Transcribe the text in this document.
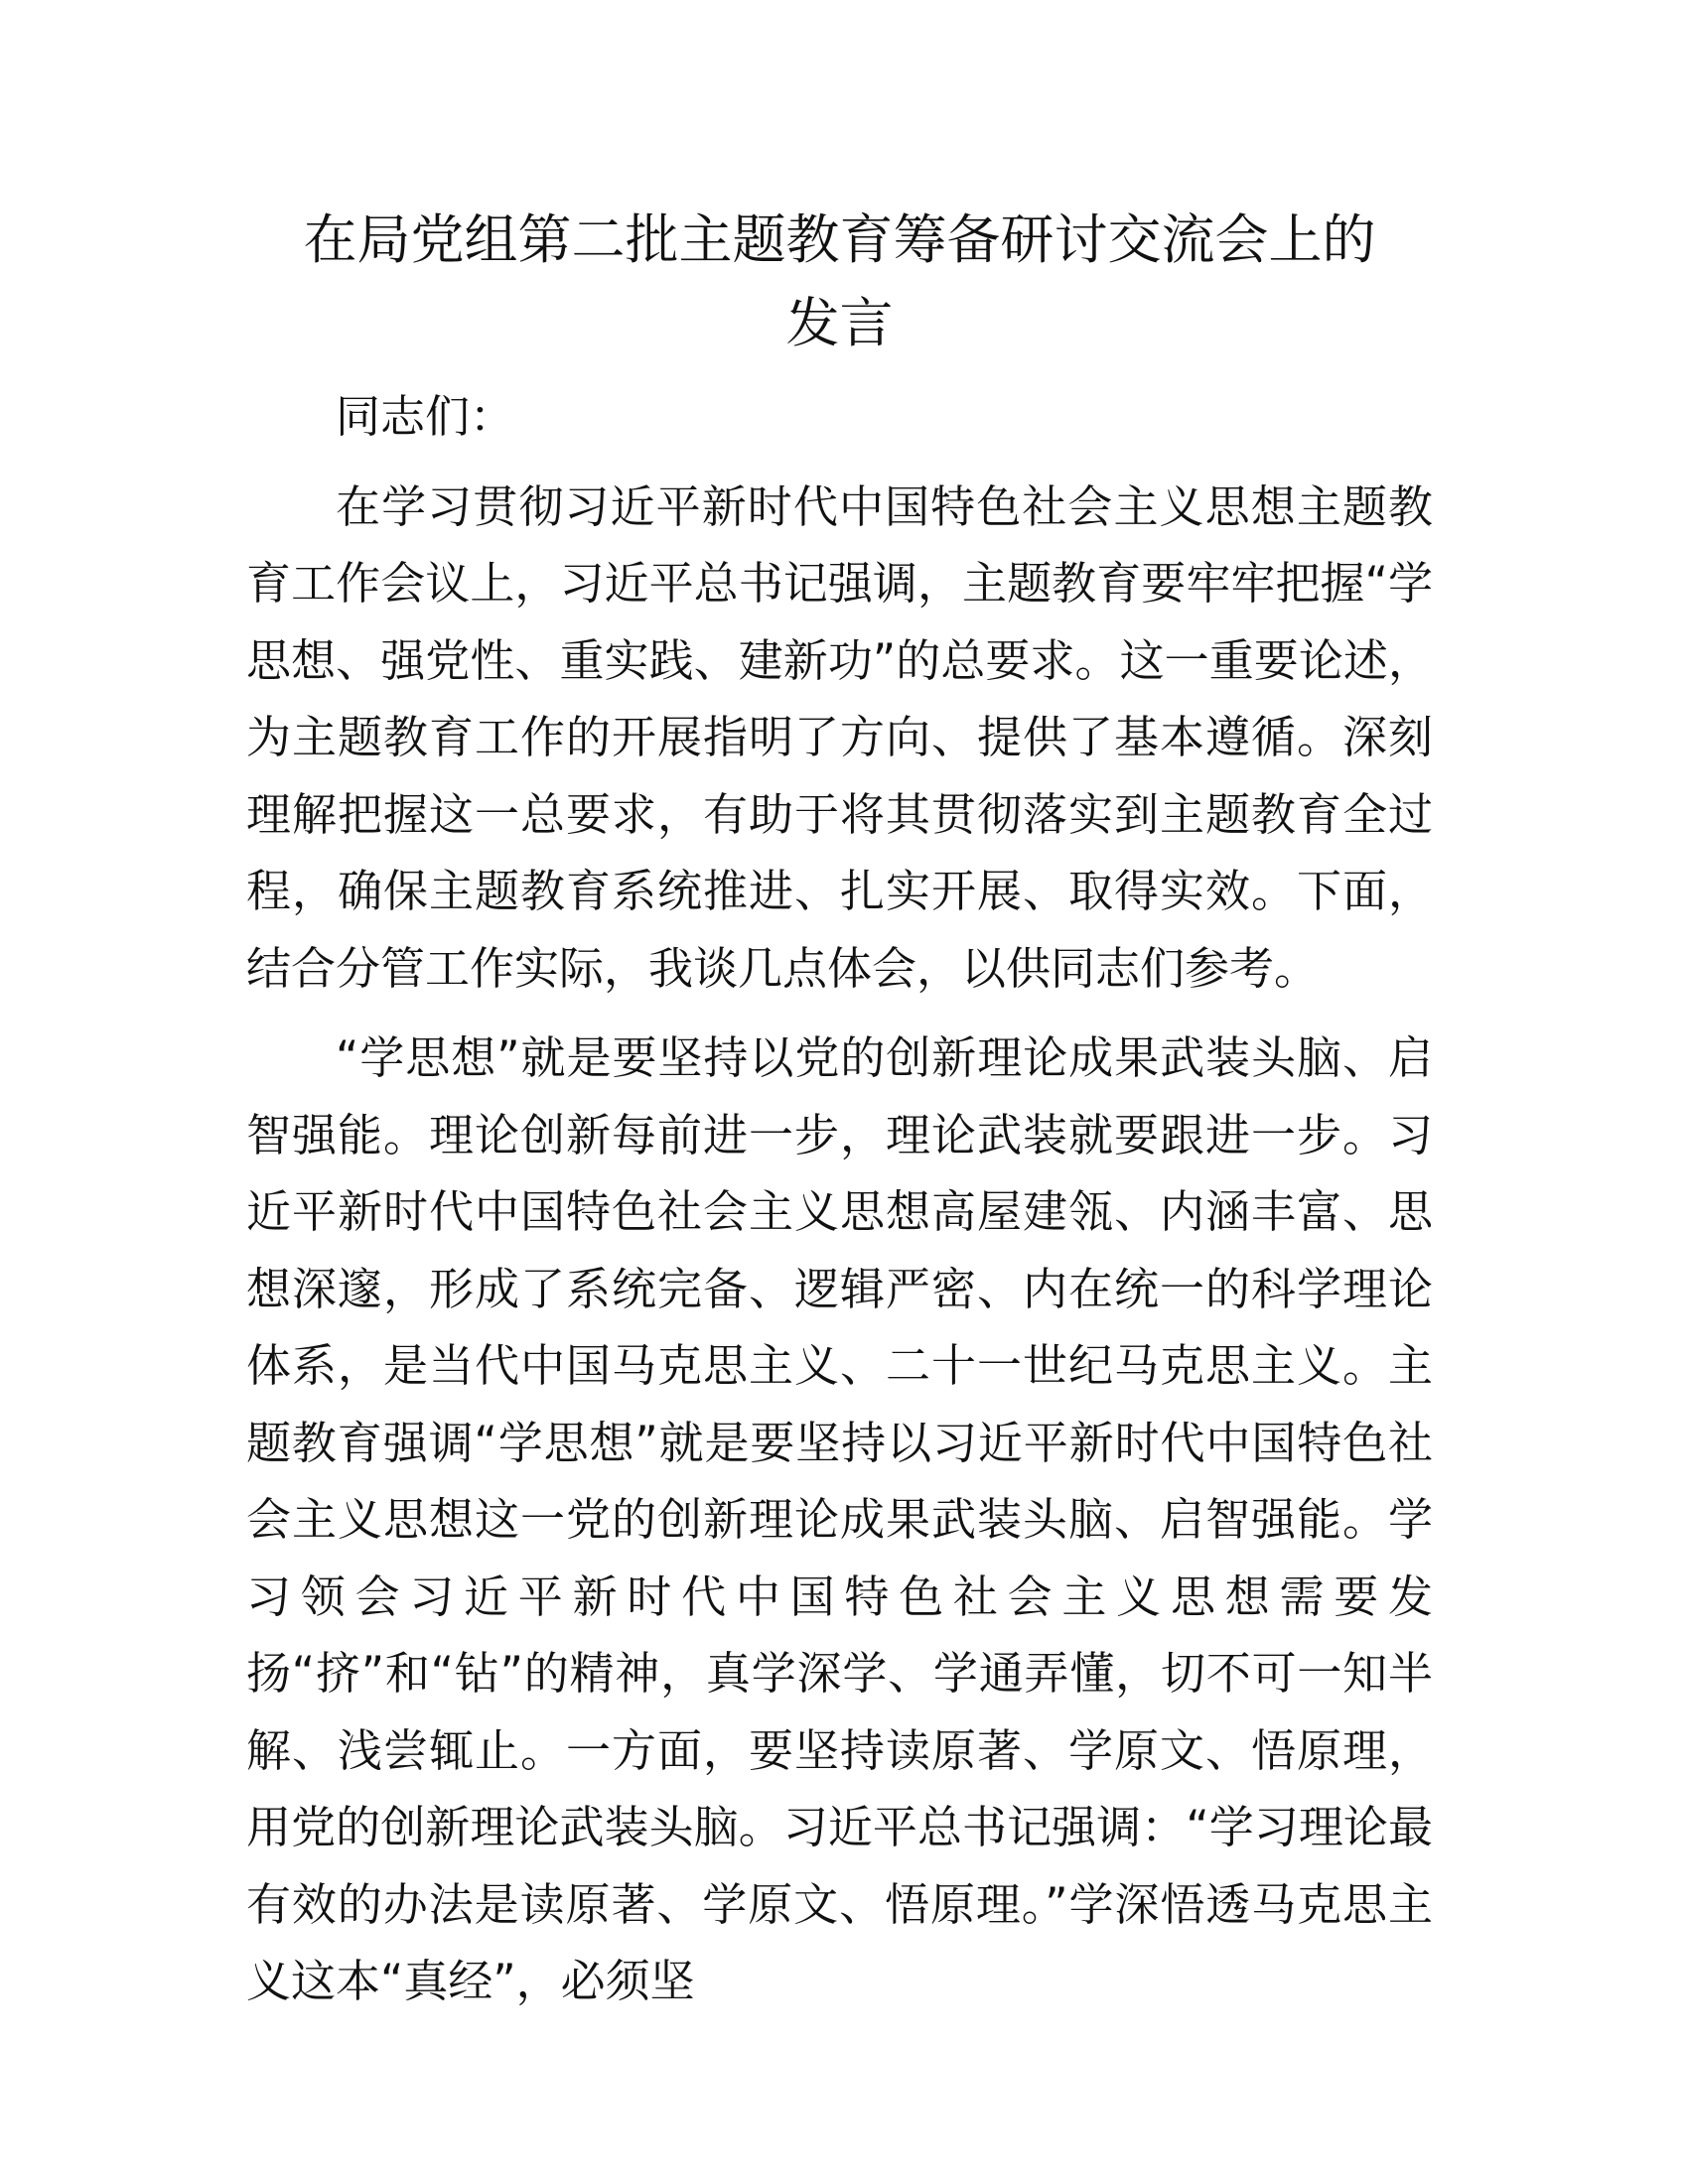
在局党组第二批主题教育筹备研讨交流会上的
发言

同志们：

在学习贯彻习近平新时代中国特色社会主义思想主题教育工作会议上，习近平总书记强调，主题教育要牢牢把握“学思想、强党性、重实践、建新功”的总要求。这一重要论述，为主题教育工作的开展指明了方向、提供了基本遵循。深刻理解把握这一总要求，有助于将其贯彻落实到主题教育全过程，确保主题教育系统推进、扎实开展、取得实效。下面，结合分管工作实际，我谈几点体会，以供同志们参考。

“学思想”就是要坚持以党的创新理论成果武装头脑、启智强能。理论创新每前进一步，理论武装就要跟进一步。习近平新时代中国特色社会主义思想高屋建瓴、内涵丰富、思想深邃，形成了系统完备、逻辑严密、内在统一的科学理论体系，是当代中国马克思主义、二十一世纪马克思主义。主题教育强调“学思想”就是要坚持以习近平新时代中国特色社会主义思想这一党的创新理论成果武装头脑、启智强能。学习领会习近平新时代中国特色社会主义思想需要发扬“挤”和“钻”的精神，真学深学、学通弄懂，切不可一知半解、浅尝辄止。一方面，要坚持读原著、学原文、悟原理，用党的创新理论武装头脑。习近平总书记强调：“学习理论最有效的办法是读原著、学原文、悟原理。”学深悟透马克思主义这本“真经”，必须坚
